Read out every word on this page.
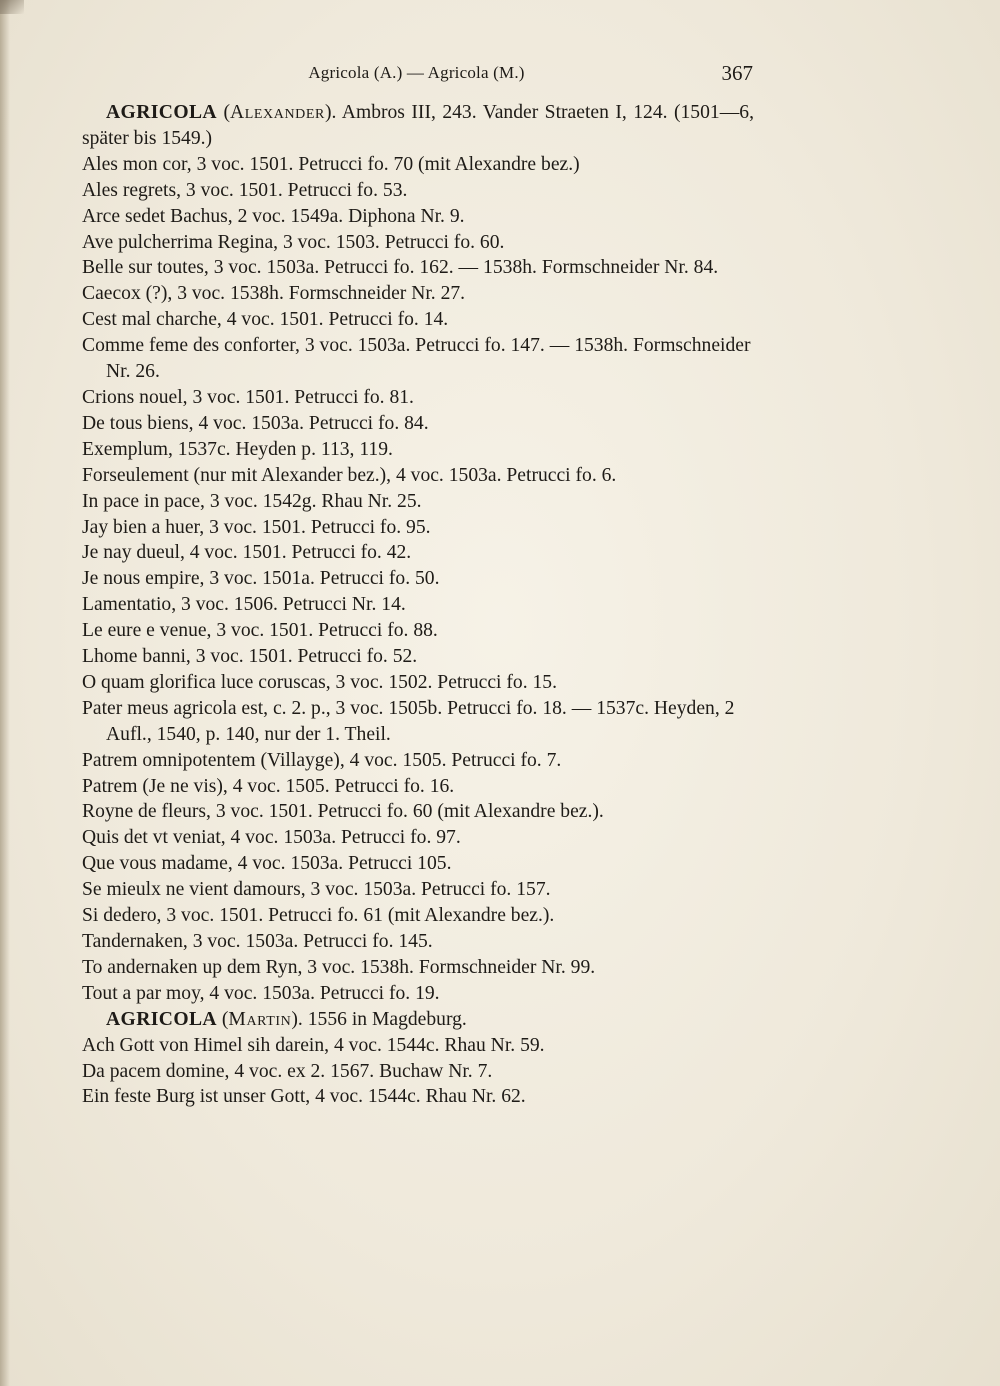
Agricola (A.) — Agricola (M.)	367
AGRICOLA (Alexander). Ambros III, 243. Vander Straeten I, 124. (1501—6, später bis 1549.)
Ales mon cor, 3 voc. 1501. Petrucci fo. 70 (mit Alexandre bez.)
Ales regrets, 3 voc. 1501. Petrucci fo. 53.
Arce sedet Bachus, 2 voc. 1549a. Diphona Nr. 9.
Ave pulcherrima Regina, 3 voc. 1503. Petrucci fo. 60.
Belle sur toutes, 3 voc. 1503a. Petrucci fo. 162. — 1538h. Formschneider Nr. 84.
Caecox (?), 3 voc. 1538h. Formschneider Nr. 27.
Cest mal charche, 4 voc. 1501. Petrucci fo. 14.
Comme feme des conforter, 3 voc. 1503a. Petrucci fo. 147. — 1538h. Formschneider Nr. 26.
Crions nouel, 3 voc. 1501. Petrucci fo. 81.
De tous biens, 4 voc. 1503a. Petrucci fo. 84.
Exemplum, 1537c. Heyden p. 113, 119.
Forseulement (nur mit Alexander bez.), 4 voc. 1503a. Petrucci fo. 6.
In pace in pace, 3 voc. 1542g. Rhau Nr. 25.
Jay bien a huer, 3 voc. 1501. Petrucci fo. 95.
Je nay dueul, 4 voc. 1501. Petrucci fo. 42.
Je nous empire, 3 voc. 1501a. Petrucci fo. 50.
Lamentatio, 3 voc. 1506. Petrucci Nr. 14.
Le eure e venue, 3 voc. 1501. Petrucci fo. 88.
Lhome banni, 3 voc. 1501. Petrucci fo. 52.
O quam glorifica luce coruscas, 3 voc. 1502. Petrucci fo. 15.
Pater meus agricola est, c. 2. p., 3 voc. 1505b. Petrucci fo. 18. — 1537c. Heyden, 2 Aufl., 1540, p. 140, nur der 1. Theil.
Patrem omnipotentem (Villayge), 4 voc. 1505. Petrucci fo. 7.
Patrem (Je ne vis), 4 voc. 1505. Petrucci fo. 16.
Royne de fleurs, 3 voc. 1501. Petrucci fo. 60 (mit Alexandre bez.).
Quis det vt veniat, 4 voc. 1503a. Petrucci fo. 97.
Que vous madame, 4 voc. 1503a. Petrucci 105.
Se mieulx ne vient damours, 3 voc. 1503a. Petrucci fo. 157.
Si dedero, 3 voc. 1501. Petrucci fo. 61 (mit Alexandre bez.).
Tandernaken, 3 voc. 1503a. Petrucci fo. 145.
To andernaken up dem Ryn, 3 voc. 1538h. Formschneider Nr. 99.
Tout a par moy, 4 voc. 1503a. Petrucci fo. 19.
AGRICOLA (Martin). 1556 in Magdeburg.
Ach Gott von Himel sih darein, 4 voc. 1544c. Rhau Nr. 59.
Da pacem domine, 4 voc. ex 2. 1567. Buchaw Nr. 7.
Ein feste Burg ist unser Gott, 4 voc. 1544c. Rhau Nr. 62.
